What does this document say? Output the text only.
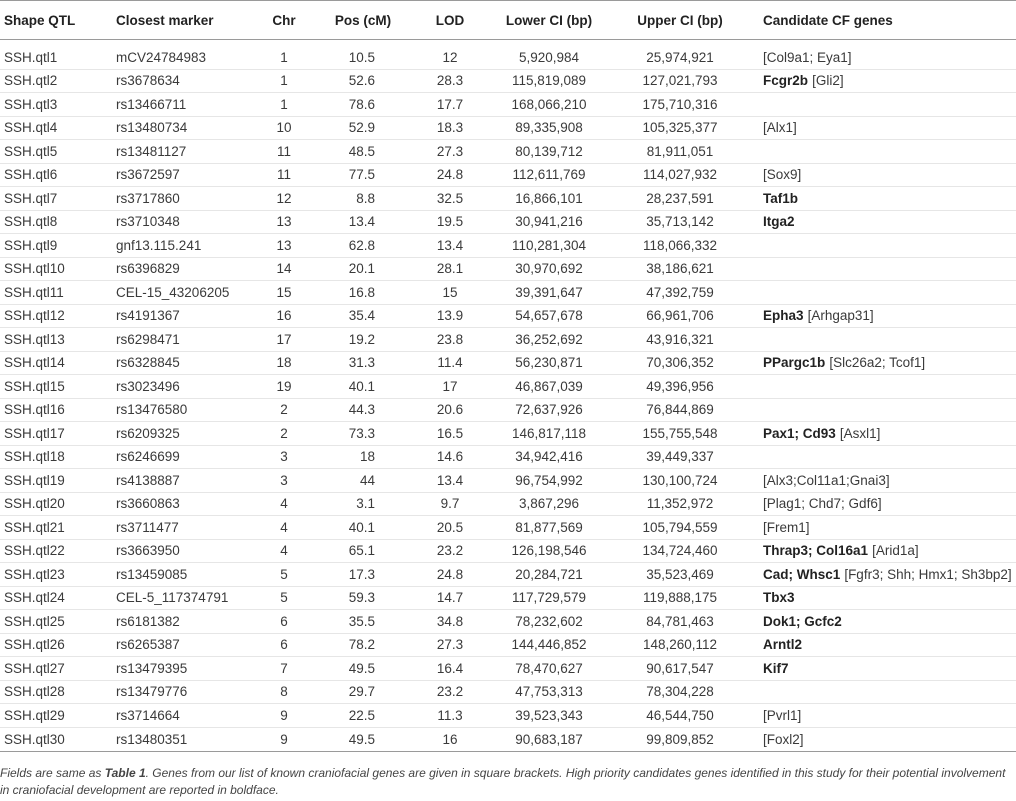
Shape QTL	Closest marker	Chr	Pos (cM)	LOD	Lower CI (bp)	Upper CI (bp)	Candidate CF genes
SSH.qtl1	mCV24784983	1	10.5	12	5,920,984	25,974,921	[Col9a1; Eya1]
SSH.qtl2	rs3678634	1	52.6	28.3	115,819,089	127,021,793	Fcgr2b [Gli2]
SSH.qtl3	rs13466711	1	78.6	17.7	168,066,210	175,710,316
SSH.qtl4	rs13480734	10	52.9	18.3	89,335,908	105,325,377	[Alx1]
SSH.qtl5	rs13481127	11	48.5	27.3	80,139,712	81,911,051
SSH.qtl6	rs3672597	11	77.5	24.8	112,611,769	114,027,932	[Sox9]
SSH.qtl7	rs3717860	12	8.8	32.5	16,866,101	28,237,591	Taf1b
SSH.qtl8	rs3710348	13	13.4	19.5	30,941,216	35,713,142	Itga2
SSH.qtl9	gnf13.115.241	13	62.8	13.4	110,281,304	118,066,332
SSH.qtl10	rs6396829	14	20.1	28.1	30,970,692	38,186,621
SSH.qtl11	CEL-15_43206205	15	16.8	15	39,391,647	47,392,759
SSH.qtl12	rs4191367	16	35.4	13.9	54,657,678	66,961,706	Epha3 [Arhgap31]
SSH.qtl13	rs6298471	17	19.2	23.8	36,252,692	43,916,321
SSH.qtl14	rs6328845	18	31.3	11.4	56,230,871	70,306,352	PPargc1b [Slc26a2; Tcof1]
SSH.qtl15	rs3023496	19	40.1	17	46,867,039	49,396,956
SSH.qtl16	rs13476580	2	44.3	20.6	72,637,926	76,844,869
SSH.qtl17	rs6209325	2	73.3	16.5	146,817,118	155,755,548	Pax1; Cd93 [Asxl1]
SSH.qtl18	rs6246699	3	18	14.6	34,942,416	39,449,337
SSH.qtl19	rs4138887	3	44	13.4	96,754,992	130,100,724	[Alx3;Col11a1;Gnai3]
SSH.qtl20	rs3660863	4	3.1	9.7	3,867,296	11,352,972	[Plag1; Chd7; Gdf6]
SSH.qtl21	rs3711477	4	40.1	20.5	81,877,569	105,794,559	[Frem1]
SSH.qtl22	rs3663950	4	65.1	23.2	126,198,546	134,724,460	Thrap3; Col16a1 [Arid1a]
SSH.qtl23	rs13459085	5	17.3	24.8	20,284,721	35,523,469	Cad; Whsc1 [Fgfr3; Shh; Hmx1; Sh3bp2]
SSH.qtl24	CEL-5_117374791	5	59.3	14.7	117,729,579	119,888,175	Tbx3
SSH.qtl25	rs6181382	6	35.5	34.8	78,232,602	84,781,463	Dok1; Gcfc2
SSH.qtl26	rs6265387	6	78.2	27.3	144,446,852	148,260,112	Arntl2
SSH.qtl27	rs13479395	7	49.5	16.4	78,470,627	90,617,547	Kif7
SSH.qtl28	rs13479776	8	29.7	23.2	47,753,313	78,304,228
SSH.qtl29	rs3714664	9	22.5	11.3	39,523,343	46,544,750	[Pvrl1]
SSH.qtl30	rs13480351	9	49.5	16	90,683,187	99,809,852	[Foxl2]
Fields are same as Table 1. Genes from our list of known craniofacial genes are given in square brackets. High priority candidates genes identified in this study for their potential involvement in craniofacial development are reported in boldface.
